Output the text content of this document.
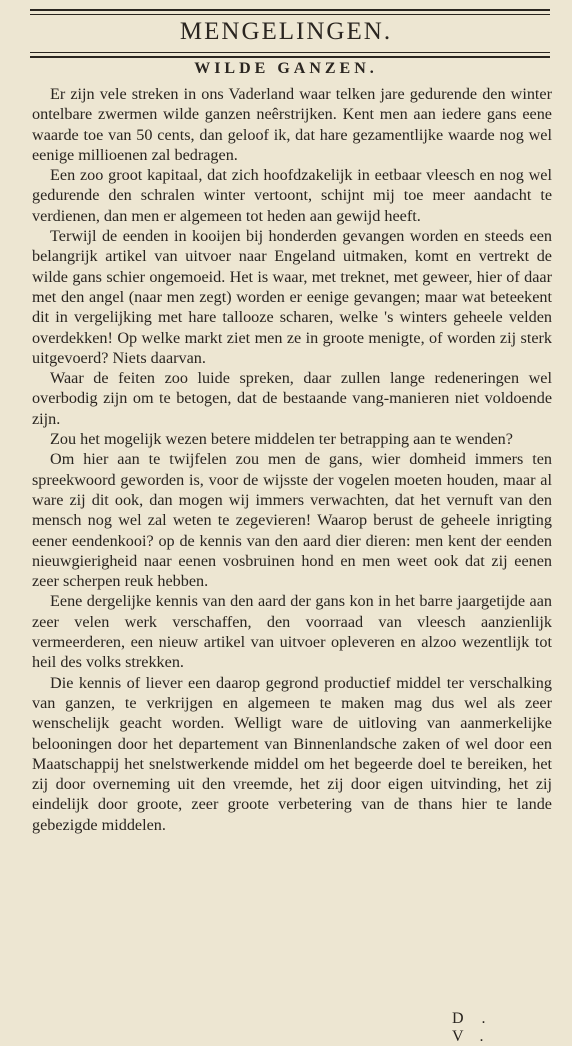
MENGELINGEN.
WILDE GANZEN.

Er zijn vele streken in ons Vaderland waar telken jare gedurende den winter ontelbare zwermen wilde ganzen neêrstrijken. Kent men aan iedere gans eene waarde toe van 50 cents, dan geloof ik, dat hare gezamentlijke waarde nog wel eenige millioenen zal bedragen.

Een zoo groot kapitaal, dat zich hoofdzakelijk in eetbaar vleesch en nog wel gedurende den schralen winter vertoont, schijnt mij toe meer aandacht te verdienen, dan men er algemeen tot heden aan gewijd heeft.

Terwijl de eenden in kooijen bij honderden gevangen worden en steeds een belangrijk artikel van uitvoer naar Engeland uitmaken, komt en vertrekt de wilde gans schier ongemoeid. Het is waar, met treknet, met geweer, hier of daar met den angel (naar men zegt) worden er eenige gevangen; maar wat beteekent dit in vergelijking met hare tallooze scharen, welke 's winters geheele velden overdekken! Op welke markt ziet men ze in groote menigte, of worden zij sterk uitgevoerd? Niets daarvan.

Waar de feiten zoo luide spreken, daar zullen lange redeneringen wel overbodig zijn om te betogen, dat de bestaande vang-manieren niet voldoende zijn.

Zou het mogelijk wezen betere middelen ter betrapping aan te wenden?

Om hier aan te twijfelen zou men de gans, wier domheid immers ten spreekwoord geworden is, voor de wijsste der vogelen moeten houden, maar al ware zij dit ook, dan mogen wij immers verwachten, dat het vernuft van den mensch nog wel zal weten te zegevieren! Waarop berust de geheele inrigting eener eendenkooi? op de kennis van den aard dier dieren: men kent der eenden nieuwgierigheid naar eenen vosbruinen hond en men weet ook dat zij eenen zeer scherpen reuk hebben.

Eene dergelijke kennis van den aard der gans kon in het barre jaargetijde aan zeer velen werk verschaffen, den voorraad van vleesch aanzienlijk vermeerderen, een nieuw artikel van uitvoer opleveren en alzoo wezentlijk tot heil des volks strekken.

Die kennis of liever een daarop gegrond productief middel ter verschalking van ganzen, te verkrijgen en algemeen te maken mag dus wel als zeer wenschelijk geacht worden. Welligt ware de uitloving van aanmerkelijke belooningen door het departement van Binnenlandsche zaken of wel door een Maatschappij het snelstwerkende middel om het begeerde doel te bereiken, het zij door overneming uit den vreemde, het zij door eigen uitvinding, het zij eindelijk door groote, zeer groote verbetering van de thans hier te lande gebezigde middelen.

D. V.
